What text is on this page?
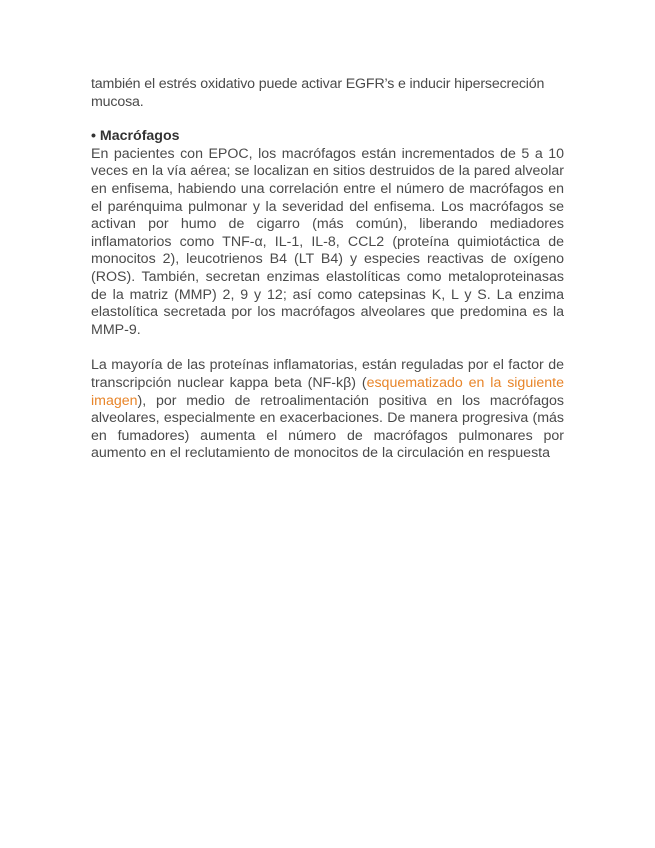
también el estrés oxidativo puede activar EGFR’s e inducir hipersecreción mucosa.

• Macrófagos

En pacientes con EPOC, los macrófagos están incrementados de 5 a 10 veces en la vía aérea; se localizan en sitios destruidos de la pared alveolar en enfisema, habiendo una correlación entre el número de macrófagos en el parénquima pulmonar y la severidad del enfisema. Los macrófagos se activan por humo de cigarro (más común), liberando mediadores inflamatorios como TNF-α, IL-1, IL-8, CCL2 (proteína quimiotáctica de monocitos 2), leucotrienos B4 (LT B4) y especies reactivas de oxígeno (ROS). También, secretan enzimas elastolíticas como metaloproteinasas de la matriz (MMP) 2, 9 y 12; así como catepsinas K, L y S. La enzima elastolítica secretada por los macrófagos alveolares que predomina es la MMP-9.

La mayoría de las proteínas inflamatorias, están reguladas por el factor de transcripción nuclear kappa beta (NF-kβ) (esquematizado en la siguiente imagen), por medio de retroalimentación positiva en los macrófagos alveolares, especialmente en exacerbaciones. De manera progresiva (más en fumadores) aumenta el número de macrófagos pulmonares por aumento en el reclutamiento de monocitos de la circulación en respuesta
